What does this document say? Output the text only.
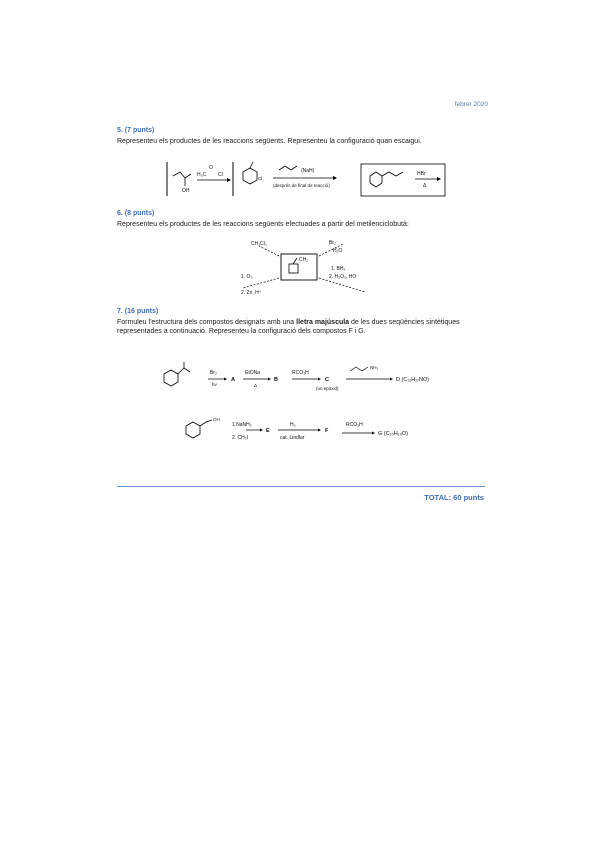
febrer 2020
5. (7 punts)
Representeu els productes de les reaccions següents. Representeu la configuració quan escaigui.
OH
O
H₃C Cl
Cl
(NaH)
(després de final de reacció)
HBr
Δ
6. (8 punts)
Representeu els productes de les reaccions següents efectuades a partir del metilenciclobutà:
CH₂
CH₂Cl₂	Br₂
H₂O
1. O₃
2. Zn, H⁺
1. BH₃
2. H₂O₂, HO⁻
7. (16 punts)
Formuleu l'estructura dels compostos designats amb una lletra majúscula de les dues seqüències sintètiques representades a continuació. Representeu la configuració dels compostos F i G.
Br₂
hν
A
EtONa
Δ
B
RCO₃H
C
(un epòxid)
NH₂
D (C₁₂H₁₇NO)
OH
1.NaNH₂
2. CH₃I
E
H₂
cat. Lindlar
F
RCO₃H
G (C₁₀H₁₀O)
TOTAL: 60 punts
